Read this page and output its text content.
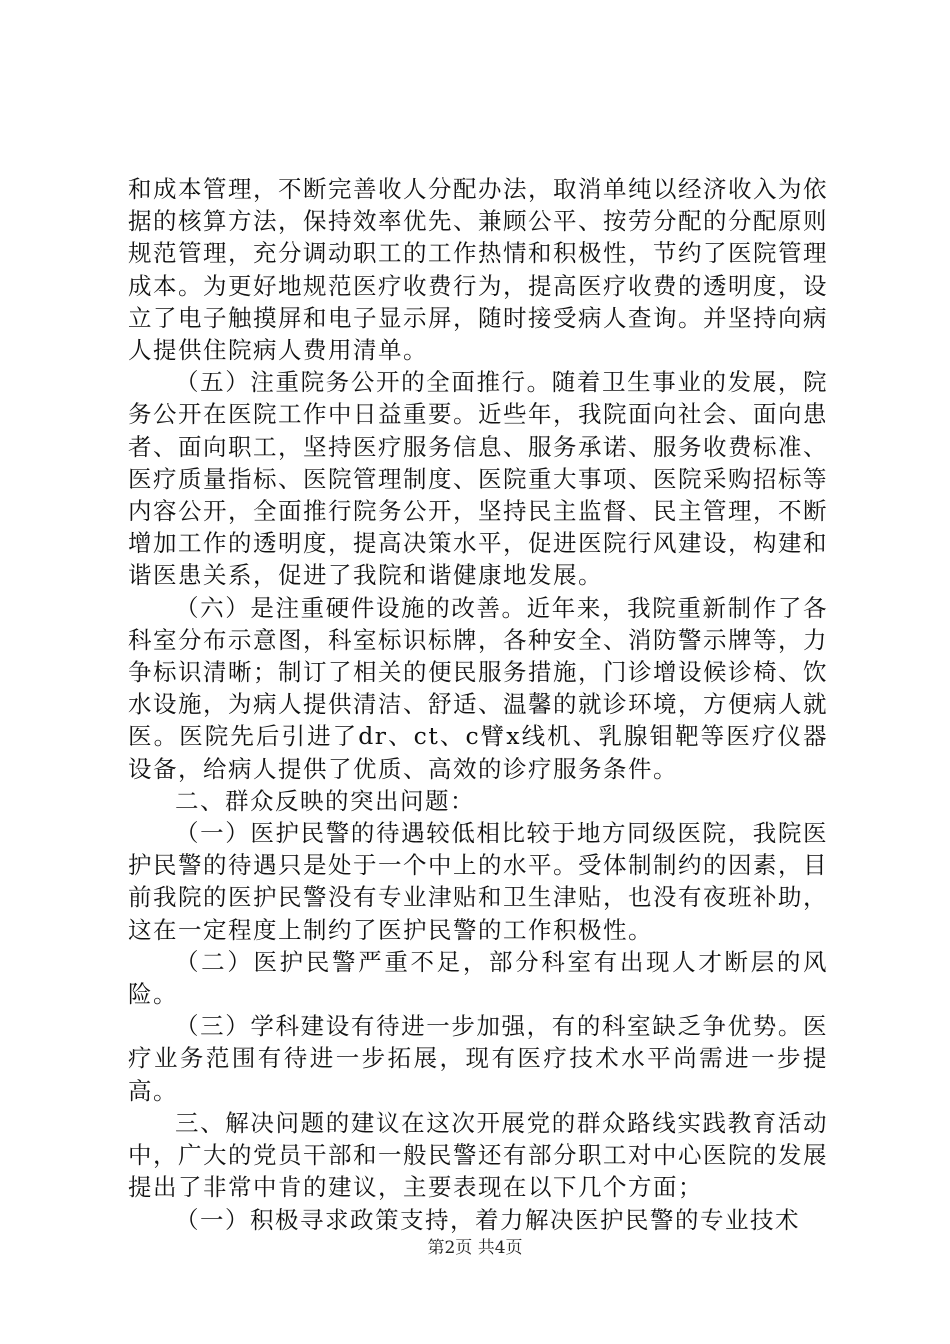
和成本管理，不断完善收人分配办法，取消单纯以经济收入为依据的核算方法，保持效率优先、兼顾公平、按劳分配的分配原则规范管理，充分调动职工的工作热情和积极性，节约了医院管理成本。为更好地规范医疗收费行为，提高医疗收费的透明度，设立了电子触摸屏和电子显示屏，随时接受病人查询。并坚持向病人提供住院病人费用清单。

（五）注重院务公开的全面推行。随着卫生事业的发展，院务公开在医院工作中日益重要。近些年，我院面向社会、面向患者、面向职工，坚持医疗服务信息、服务承诺、服务收费标准、医疗质量指标、医院管理制度、医院重大事项、医院采购招标等内容公开，全面推行院务公开，坚持民主监督、民主管理，不断增加工作的透明度，提高决策水平，促进医院行风建设，构建和谐医患关系，促进了我院和谐健康地发展。

（六）是注重硬件设施的改善。近年来，我院重新制作了各科室分布示意图，科室标识标牌，各种安全、消防警示牌等，力争标识清晰；制订了相关的便民服务措施，门诊增设候诊椅、饮水设施，为病人提供清洁、舒适、温馨的就诊环境，方便病人就医。医院先后引进了dr、ct、c臂x线机、乳腺钼靶等医疗仪器设备，给病人提供了优质、高效的诊疗服务条件。

二、群众反映的突出问题：

（一）医护民警的待遇较低相比较于地方同级医院，我院医护民警的待遇只是处于一个中上的水平。受体制制约的因素，目前我院的医护民警没有专业津贴和卫生津贴，也没有夜班补助，这在一定程度上制约了医护民警的工作积极性。

（二）医护民警严重不足，部分科室有出现人才断层的风险。

（三）学科建设有待进一步加强，有的科室缺乏争优势。医疗业务范围有待进一步拓展，现有医疗技术水平尚需进一步提高。

三、解决问题的建议在这次开展党的群众路线实践教育活动中，广大的党员干部和一般民警还有部分职工对中心医院的发展提出了非常中肯的建议，主要表现在以下几个方面；

（一）积极寻求政策支持，着力解决医护民警的专业技术

第2页 共4页
